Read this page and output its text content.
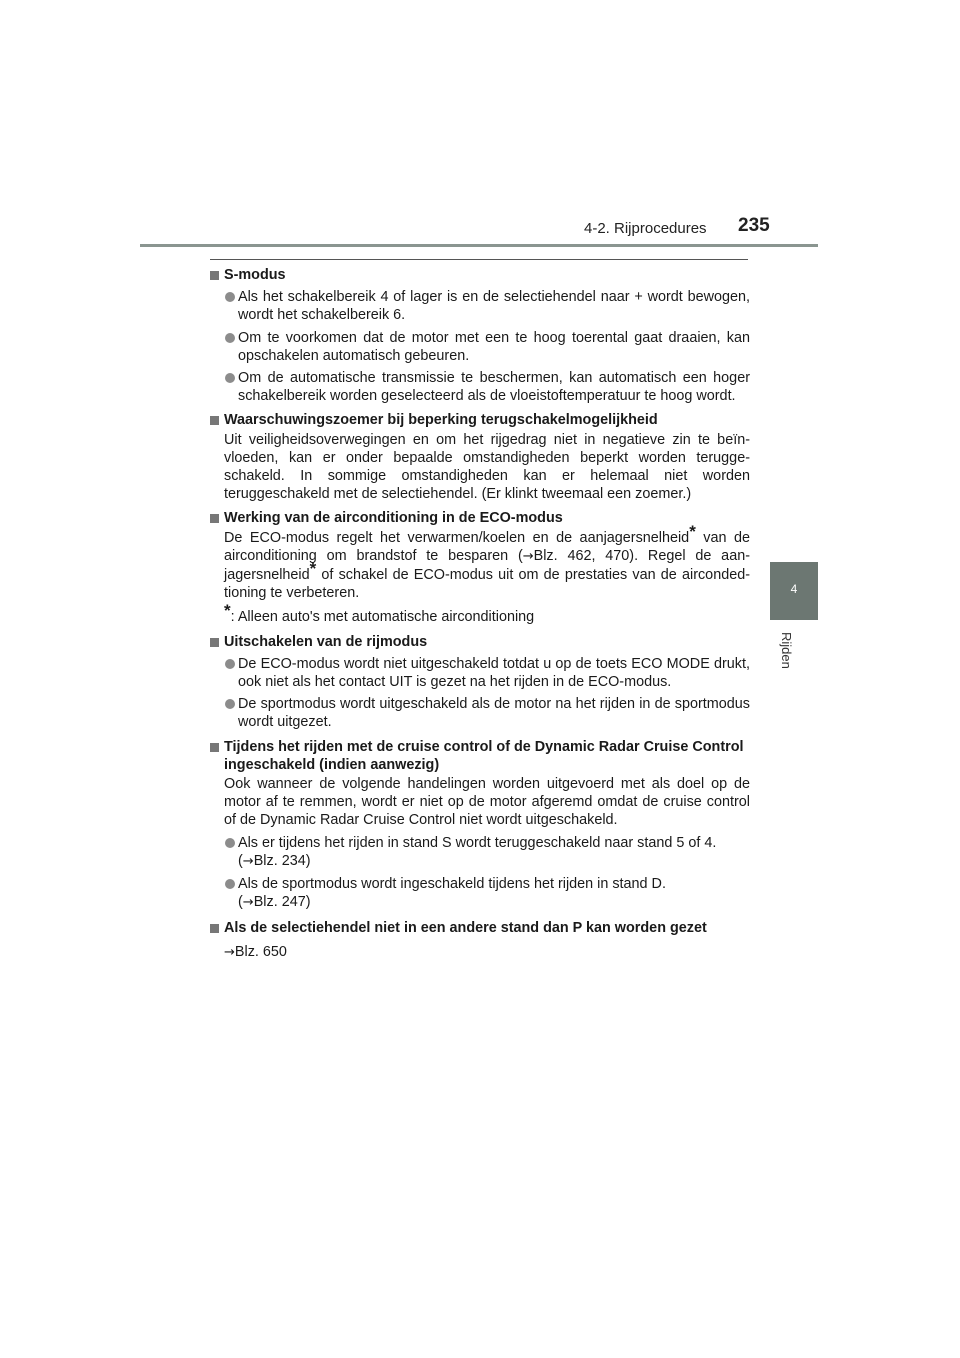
4-2. Rijprocedures 235
4
Rijden
S-modus
Als het schakelbereik 4 of lager is en de selectiehendel naar + wordt bewogen, wordt het schakelbereik 6.
Om te voorkomen dat de motor met een te hoog toerental gaat draaien, kan opschakelen automatisch gebeuren.
Om de automatische transmissie te beschermen, kan automatisch een hoger schakelbereik worden geselecteerd als de vloeistoftemperatuur te hoog wordt.
Waarschuwingszoemer bij beperking terugschakelmogelijkheid
Uit veiligheidsoverwegingen en om het rijgedrag niet in negatieve zin te beïnvloeden, kan er onder bepaalde omstandigheden beperkt worden teruggeschakeld. In sommige omstandigheden kan er helemaal niet worden teruggeschakeld met de selectiehendel. (Er klinkt tweemaal een zoemer.)
Werking van de airconditioning in de ECO-modus
De ECO-modus regelt het verwarmen/koelen en de aanjagersnelheid* van de airconditioning om brandstof te besparen (→Blz. 462, 470). Regel de aanjagersnelheid* of schakel de ECO-modus uit om de prestaties van de aircondedtioning te verbeteren.
*: Alleen auto's met automatische airconditioning
Uitschakelen van de rijmodus
De ECO-modus wordt niet uitgeschakeld totdat u op de toets ECO MODE drukt, ook niet als het contact UIT is gezet na het rijden in de ECO-modus.
De sportmodus wordt uitgeschakeld als de motor na het rijden in de sportmodus wordt uitgezet.
Tijdens het rijden met de cruise control of de Dynamic Radar Cruise Control ingeschakeld (indien aanwezig)
Ook wanneer de volgende handelingen worden uitgevoerd met als doel op de motor af te remmen, wordt er niet op de motor afgeremd omdat de cruise control of de Dynamic Radar Cruise Control niet wordt uitgeschakeld.
Als er tijdens het rijden in stand S wordt teruggeschakeld naar stand 5 of 4.
(→Blz. 234)
Als de sportmodus wordt ingeschakeld tijdens het rijden in stand D.
(→Blz. 247)
Als de selectiehendel niet in een andere stand dan P kan worden gezet
→Blz. 650
